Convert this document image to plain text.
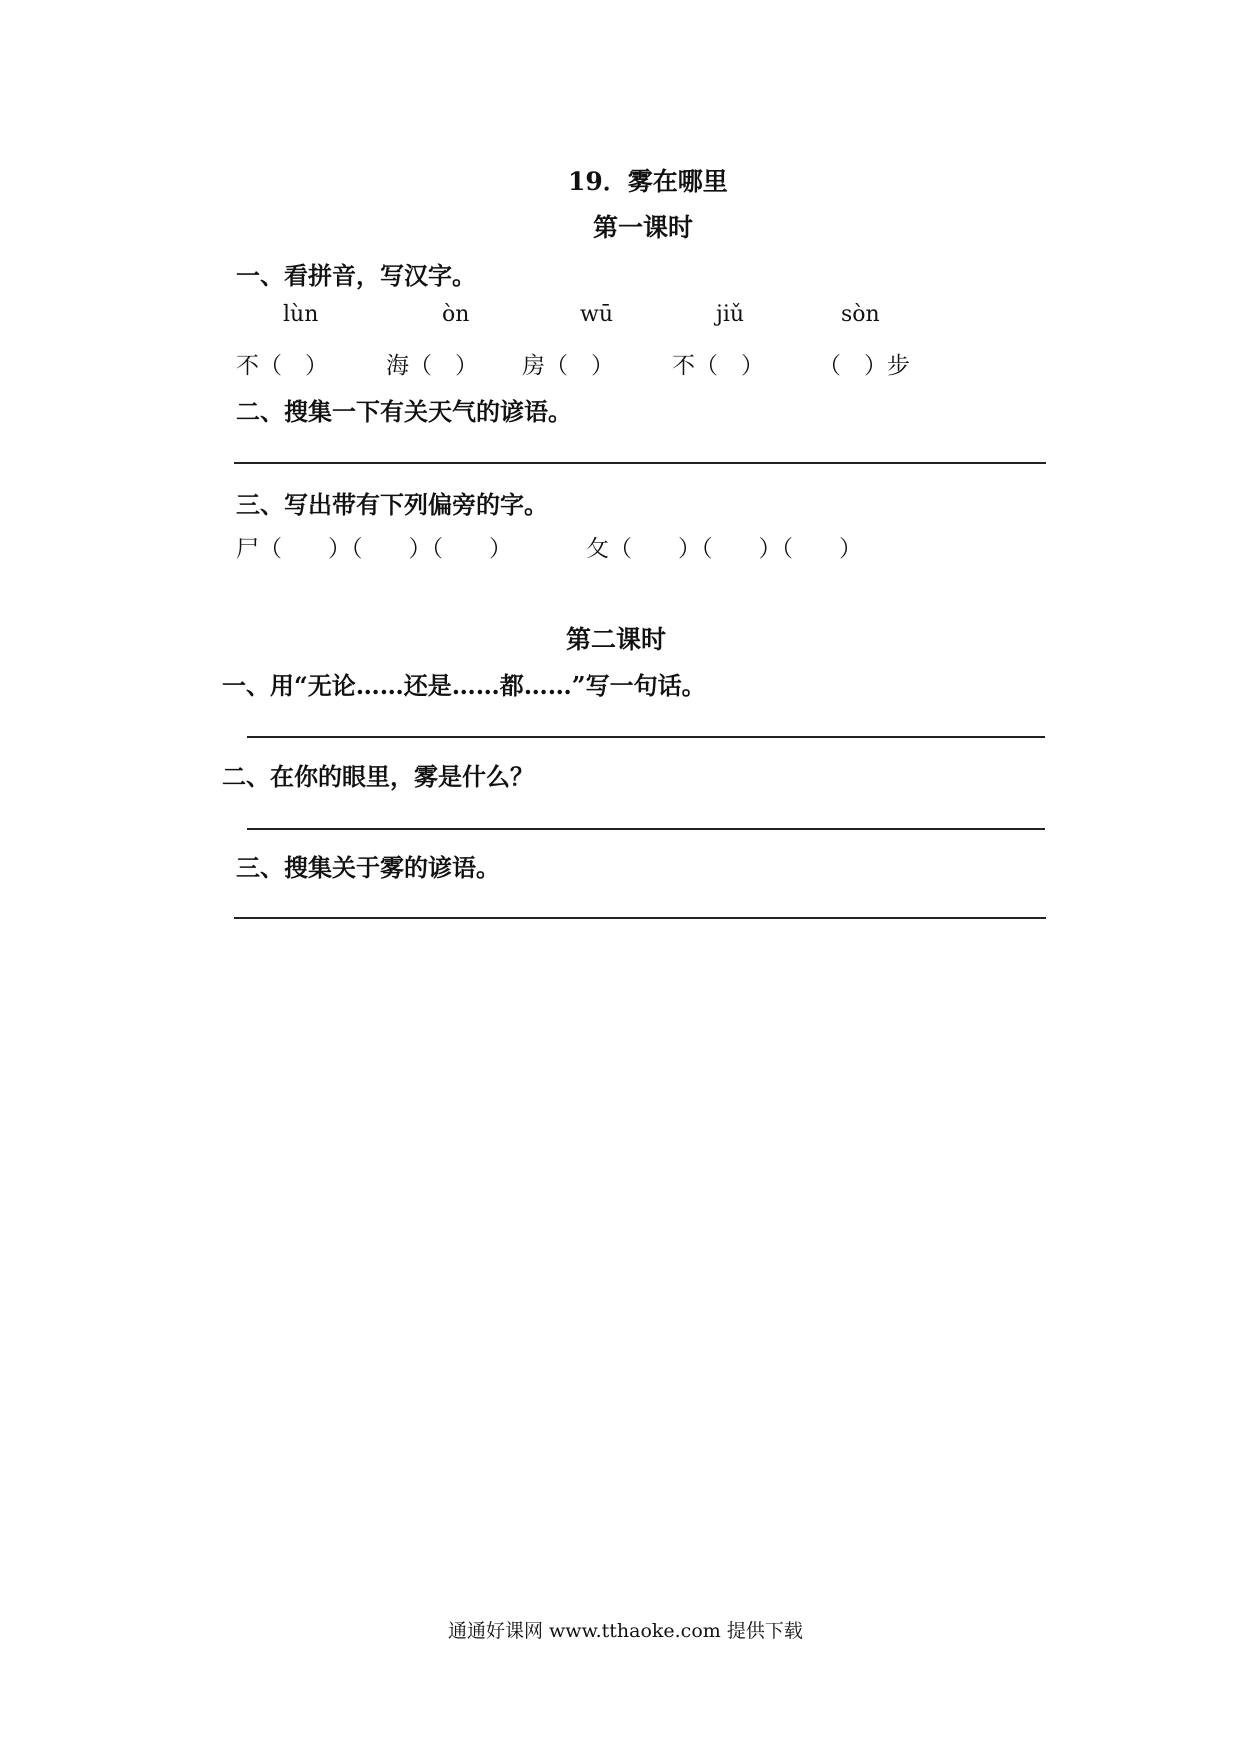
19．雾在哪里
第一课时
一、看拼音，写汉字。
lùn	òn	wū	jiǔ	sòn
不（　）	海（　） 房（　）	不（　） （　）步
二、搜集一下有关天气的谚语。
三、写出带有下列偏旁的字。
尸（　　）（　　）（　　）	攵（　　）（　　）（　　）
第二课时
一、用“无论……还是……都……”写一句话。
二、在你的眼里，雾是什么？
三、搜集关于雾的谚语。
通通好课网 www.tthaoke.com 提供下载
